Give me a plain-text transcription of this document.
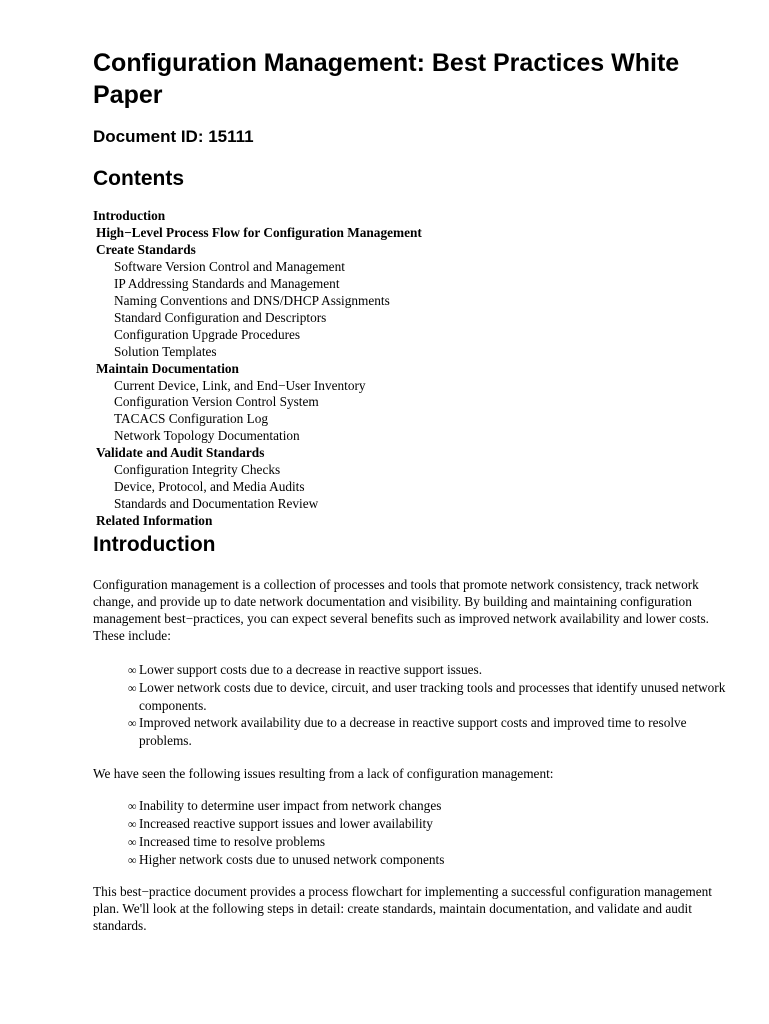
Configuration Management: Best Practices White Paper
Document ID: 15111
Contents
Introduction
High−Level Process Flow for Configuration Management
Create Standards
Software Version Control and Management
IP Addressing Standards and Management
Naming Conventions and DNS/DHCP Assignments
Standard Configuration and Descriptors
Configuration Upgrade Procedures
Solution Templates
Maintain Documentation
Current Device, Link, and End−User Inventory
Configuration Version Control System
TACACS Configuration Log
Network Topology Documentation
Validate and Audit Standards
Configuration Integrity Checks
Device, Protocol, and Media Audits
Standards and Documentation Review
Related Information
Introduction

Configuration management is a collection of processes and tools that promote network consistency, track network change, and provide up to date network documentation and visibility. By building and maintaining configuration management best−practices, you can expect several benefits such as improved network availability and lower costs. These include:

∞ Lower support costs due to a decrease in reactive support issues.
∞ Lower network costs due to device, circuit, and user tracking tools and processes that identify unused network components.
∞ Improved network availability due to a decrease in reactive support costs and improved time to resolve problems.

We have seen the following issues resulting from a lack of configuration management:

∞ Inability to determine user impact from network changes
∞ Increased reactive support issues and lower availability
∞ Increased time to resolve problems
∞ Higher network costs due to unused network components

This best−practice document provides a process flowchart for implementing a successful configuration management plan. We'll look at the following steps in detail: create standards, maintain documentation, and validate and audit standards.
